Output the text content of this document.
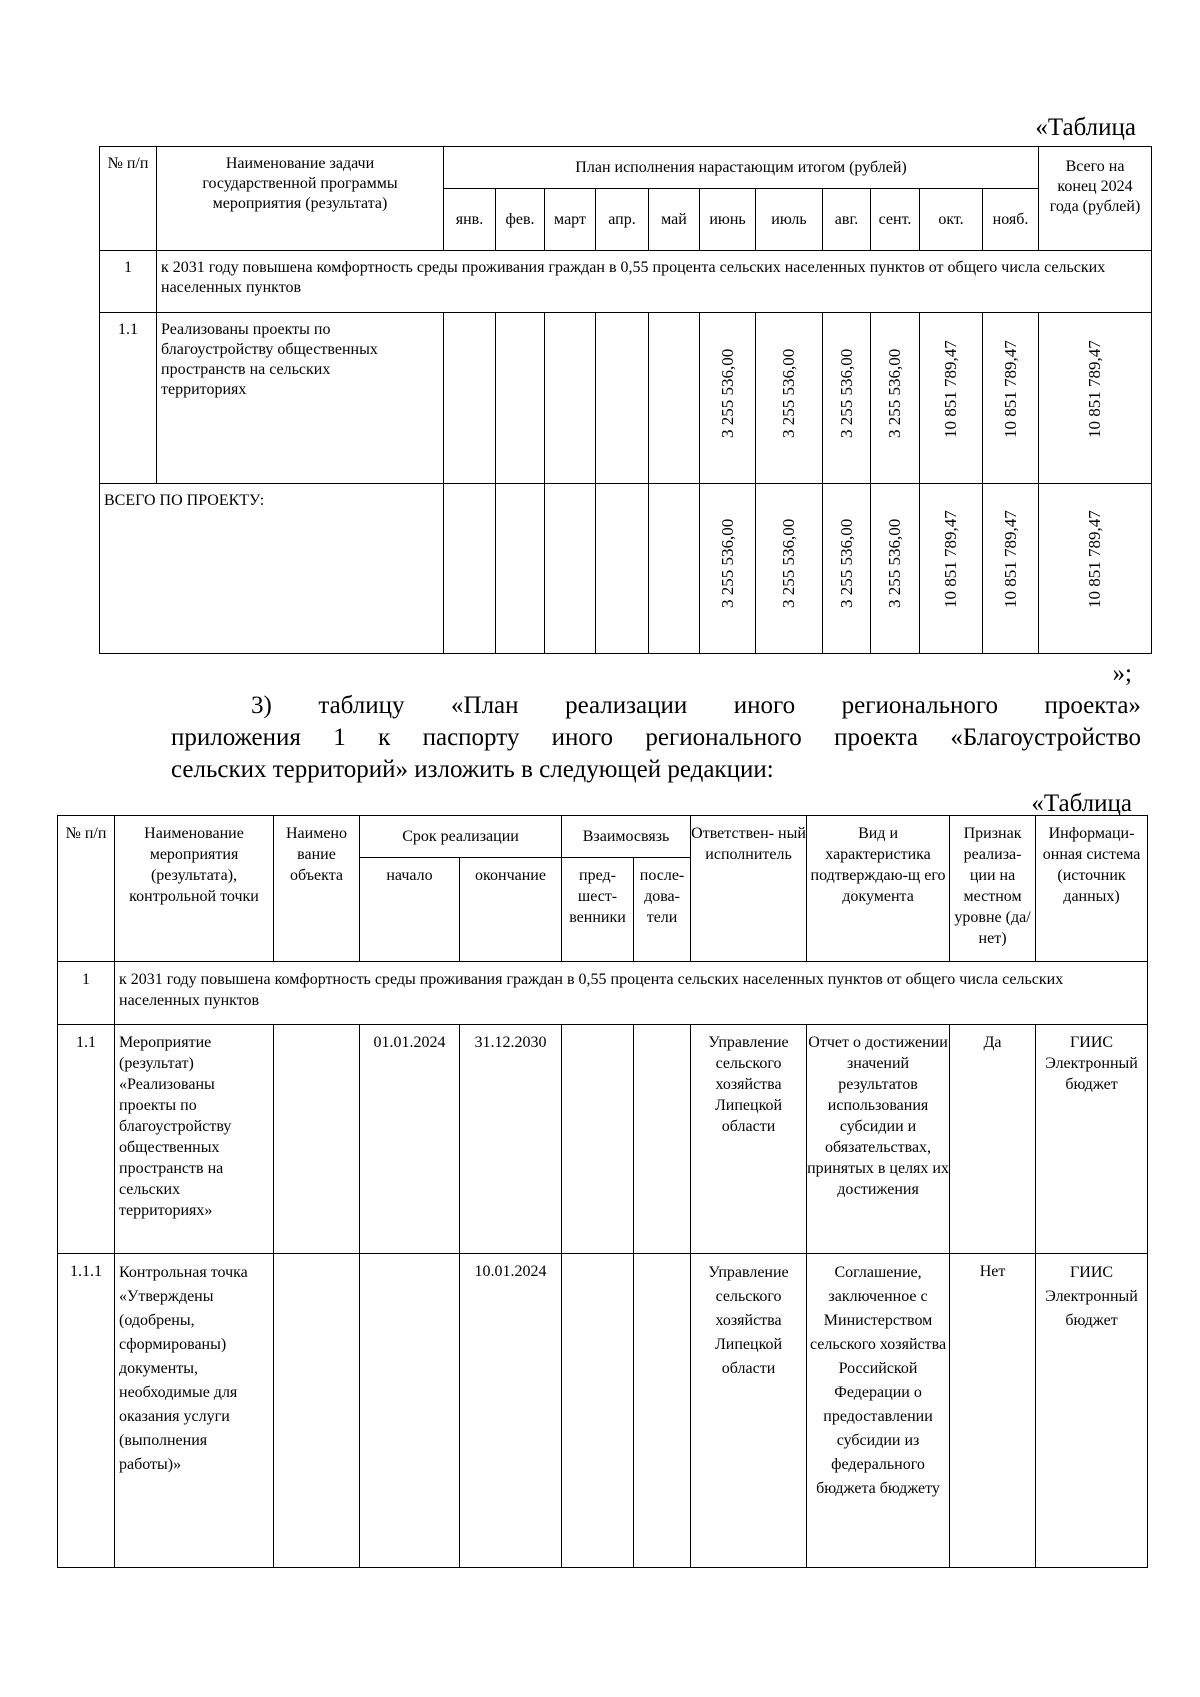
«Таблица
№ п/п	Наименование задачи государственной программы мероприятия (результата)	План исполнения нарастающим итогом (рублей)											Всего на конец 2024 года (рублей)
		янв.	фев.	март	апр.	май	июнь	июль	авг.	сент.	окт.	нояб.	
1	к 2031 году повышена комфортность среды проживания граждан в 0,55 процента сельских населенных пунктов от общего числа сельских населенных пунктов												
1.1	Реализованы проекты по благоустройству общественных пространств на сельских территориях						3 255 536,00	3 255 536,00	3 255 536,00	3 255 536,00	10 851 789,47	10 851 789,47	10 851 789,47

ВСЕГО ПО ПРОЕКТУ:							3 255 536,00	3 255 536,00	3 255 536,00	3 255 536,00	10 851 789,47	10 851 789,47	10 851 789,47
»;
3) таблицу «План реализации иного регионального проекта»
приложения 1 к паспорту иного регионального проекта «Благоустройство
сельских территорий» изложить в следующей редакции:
«Таблица
№ п/п	Наименование мероприятия (результата), контрольной точки	Наимено вание объекта	Срок реализации		Взаимосвязь		Ответствен- ный исполнитель	Вид и характеристика подтверждаю-щ его документа	Признак реализа- ции на местном уровне (да/нет)	Информаци- онная система (источник данных)
			начало	окончание	пред- шест- венники	после- дова- тели				
1	к 2031 году повышена комфортность среды проживания граждан в 0,55 процента сельских населенных пунктов от общего числа сельских населенных пунктов									
1.1	Мероприятие (результат) «Реализованы проекты по благоустройству общественных пространств на сельских территориях»		01.01.2024	31.12.2030			Управление сельского хозяйства Липецкой области	Отчет о достижении значений результатов использования субсидии и обязательствах, принятых в целях их достижения	Да	ГИИС Электронный бюджет
1.1.1	Контрольная точка «Утверждены (одобрены, сформированы) документы, необходимые для оказания услуги (выполнения работы)»			10.01.2024			Управление сельского хозяйства Липецкой области	Соглашение, заключенное с Министерством сельского хозяйства Российской Федерации о предоставлении субсидии из федерального бюджета бюджету	Нет	ГИИС Электронный бюджет
